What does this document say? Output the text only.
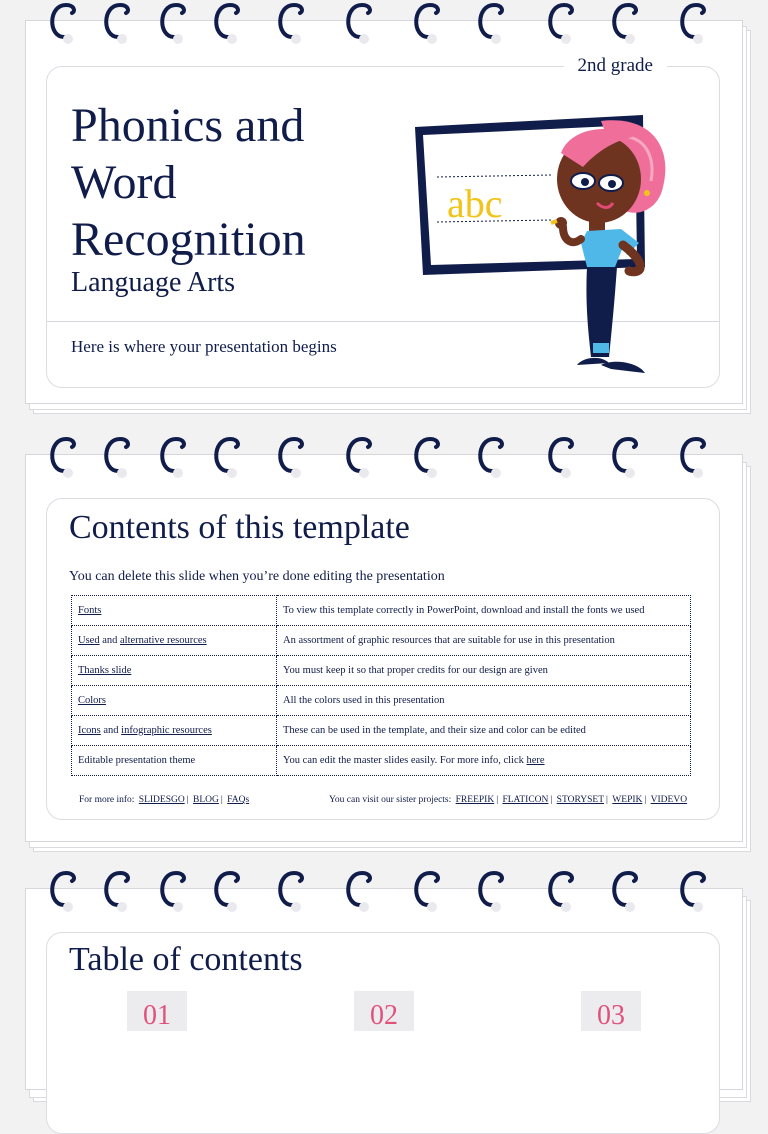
2nd grade
Phonics and
Word
Recognition
Language Arts
Here is where your presentation begins
abc
Contents of this template
You can delete this slide when you’re done editing the presentation
Fonts	To view this template correctly in PowerPoint, download and install the fonts we used
Used and alternative resources	An assortment of graphic resources that are suitable for use in this presentation
Thanks slide	You must keep it so that proper credits for our design are given
Colors	All the colors used in this presentation
Icons and infographic resources	These can be used in the template, and their size and color can be edited
Editable presentation theme	You can edit the master slides easily. For more info, click here
For more info: SLIDESGO | BLOG | FAQs	You can visit our sister projects: FREEPIK | FLATICON | STORYSET | WEPIK | VIDEVO
Table of contents
01	02	03
